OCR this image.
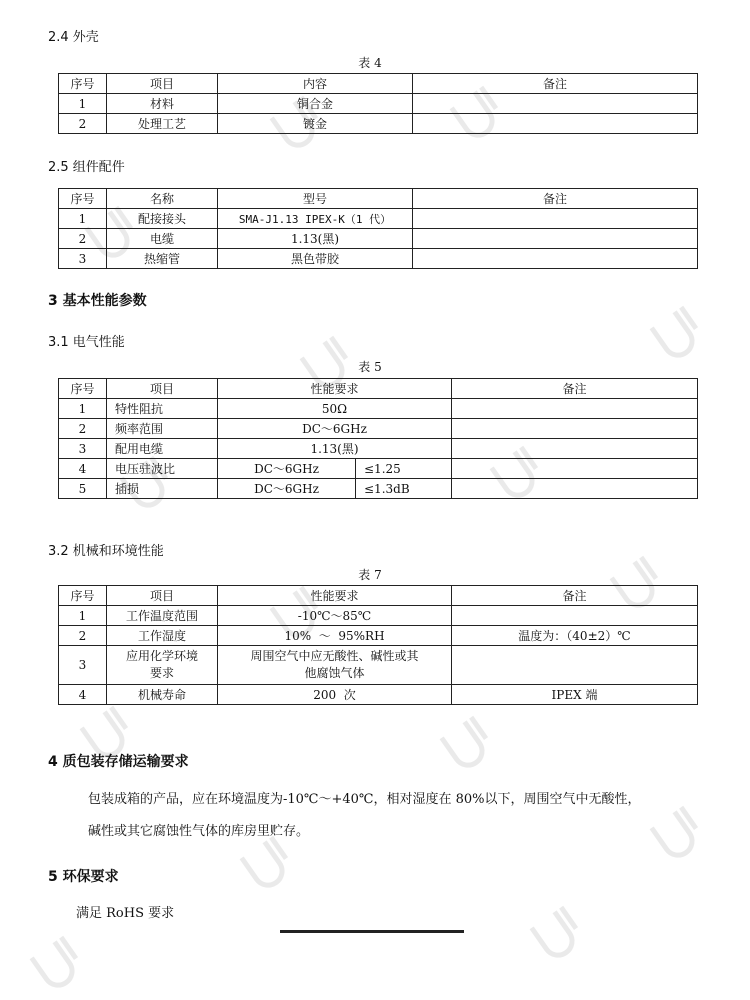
2.4 外壳
表 4
序号	项目	内容	备注
1	材料	铜合金	
2	处理工艺	镀金	
2.5 组件配件
序号	名称	型号	备注
1	配接接头	SMA-J1.13 IPEX-K（1 代）	
2	电缆	1.13(黑)	
3	热缩管	黑色带胶	
3 基本性能参数
3.1 电气性能
表 5
序号	项目	性能要求		备注
1	特性阻抗	50Ω		
2	频率范围	DC～6GHz		
3	配用电缆	1.13(黑)		
4	电压驻波比	DC～6GHz	≤1.25	
5	插损	DC～6GHz	≤1.3dB	
3.2 机械和环境性能
表 7
序号	项目	性能要求	备注
1	工作温度范围	-10℃～85℃	
2	工作湿度	10%  ～  95%RH	温度为：（40±2）℃
3	应用化学环境要求	周围空气中应无酸性、碱性或其他腐蚀气体	
4	机械寿命	200  次	IPEX 端
4 质包装存储运输要求
包装成箱的产品，应在环境温度为-10℃～+40℃，相对湿度在 80%以下，周围空气中无酸性，
碱性或其它腐蚀性气体的库房里贮存。
5 环保要求
满足 RoHS 要求
